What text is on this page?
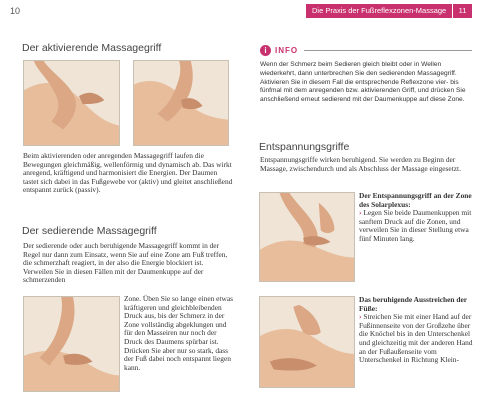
10
Der aktivierende Massagegriff
Beim aktivierenden oder anregenden Massagegriff laufen die Bewegungen gleichmäßig, wellenförmig und dynamisch ab. Das wirkt anregend, kräftigend und harmonisiert die Energien. Der Daumen tastet sich dabei in das Fußgewebe vor (aktiv) und gleitet anschließend entspannt zurück (passiv).
Der sedierende Massagegriff
Der sedierende oder auch beruhigende Massagegriff kommt in der Regel nur dann zum Einsatz, wenn Sie auf eine Zone am Fuß treffen, die schmerzhaft reagiert, in der also die Energie blockiert ist. Verweilen Sie in diesen Fällen mit der Daumenkuppe auf der schmerzenden
Zone. Üben Sie so lange einen etwas kräftigeren und gleichbleibenden Druck aus, bis der Schmerz in der Zone vollständig abgeklungen und für den Masseiren nur noch der Druck des Daumens spürbar ist. Drücken Sie aber nur so stark, dass der Fuß dabei noch entspannt liegen kann.
Die Praxis der Fußreflexzonen-Massage	11
i	INFO
Wenn der Schmerz beim Sedieren gleich bleibt oder in Wellen wiederkehrt, dann unterbrechen Sie den sedierenden Massagegriff. Aktivieren Sie in diesem Fall die entsprechende Reflexzone vier- bis fünfmal mit dem anregenden bzw. aktivierenden Griff, und drücken Sie anschließend erneut sedierend mit der Daumenkuppe auf diese Zone.
Entspannungsgriffe
Entspannungsgriffe wirken beruhigend. Sie werden zu Beginn der Massage, zwischendurch und als Abschluss der Massage eingesetzt.
Der Entspannungsgriff an der Zone des Solarplexus:
› Legen Sie beide Daumenkuppen mit sanftem Druck auf die Zonen, und verweilen Sie in dieser Stellung etwa fünf Minuten lang.
Das beruhigende Ausstreichen der Füße:
› Streichen Sie mit einer Hand auf der Fußinnenseite von der Großzehe über die Knöchel bis in den Unterschenkel und gleichzeitig mit der anderen Hand an der Fußaußenseite vom Unterschenkel in Richtung Klein-
